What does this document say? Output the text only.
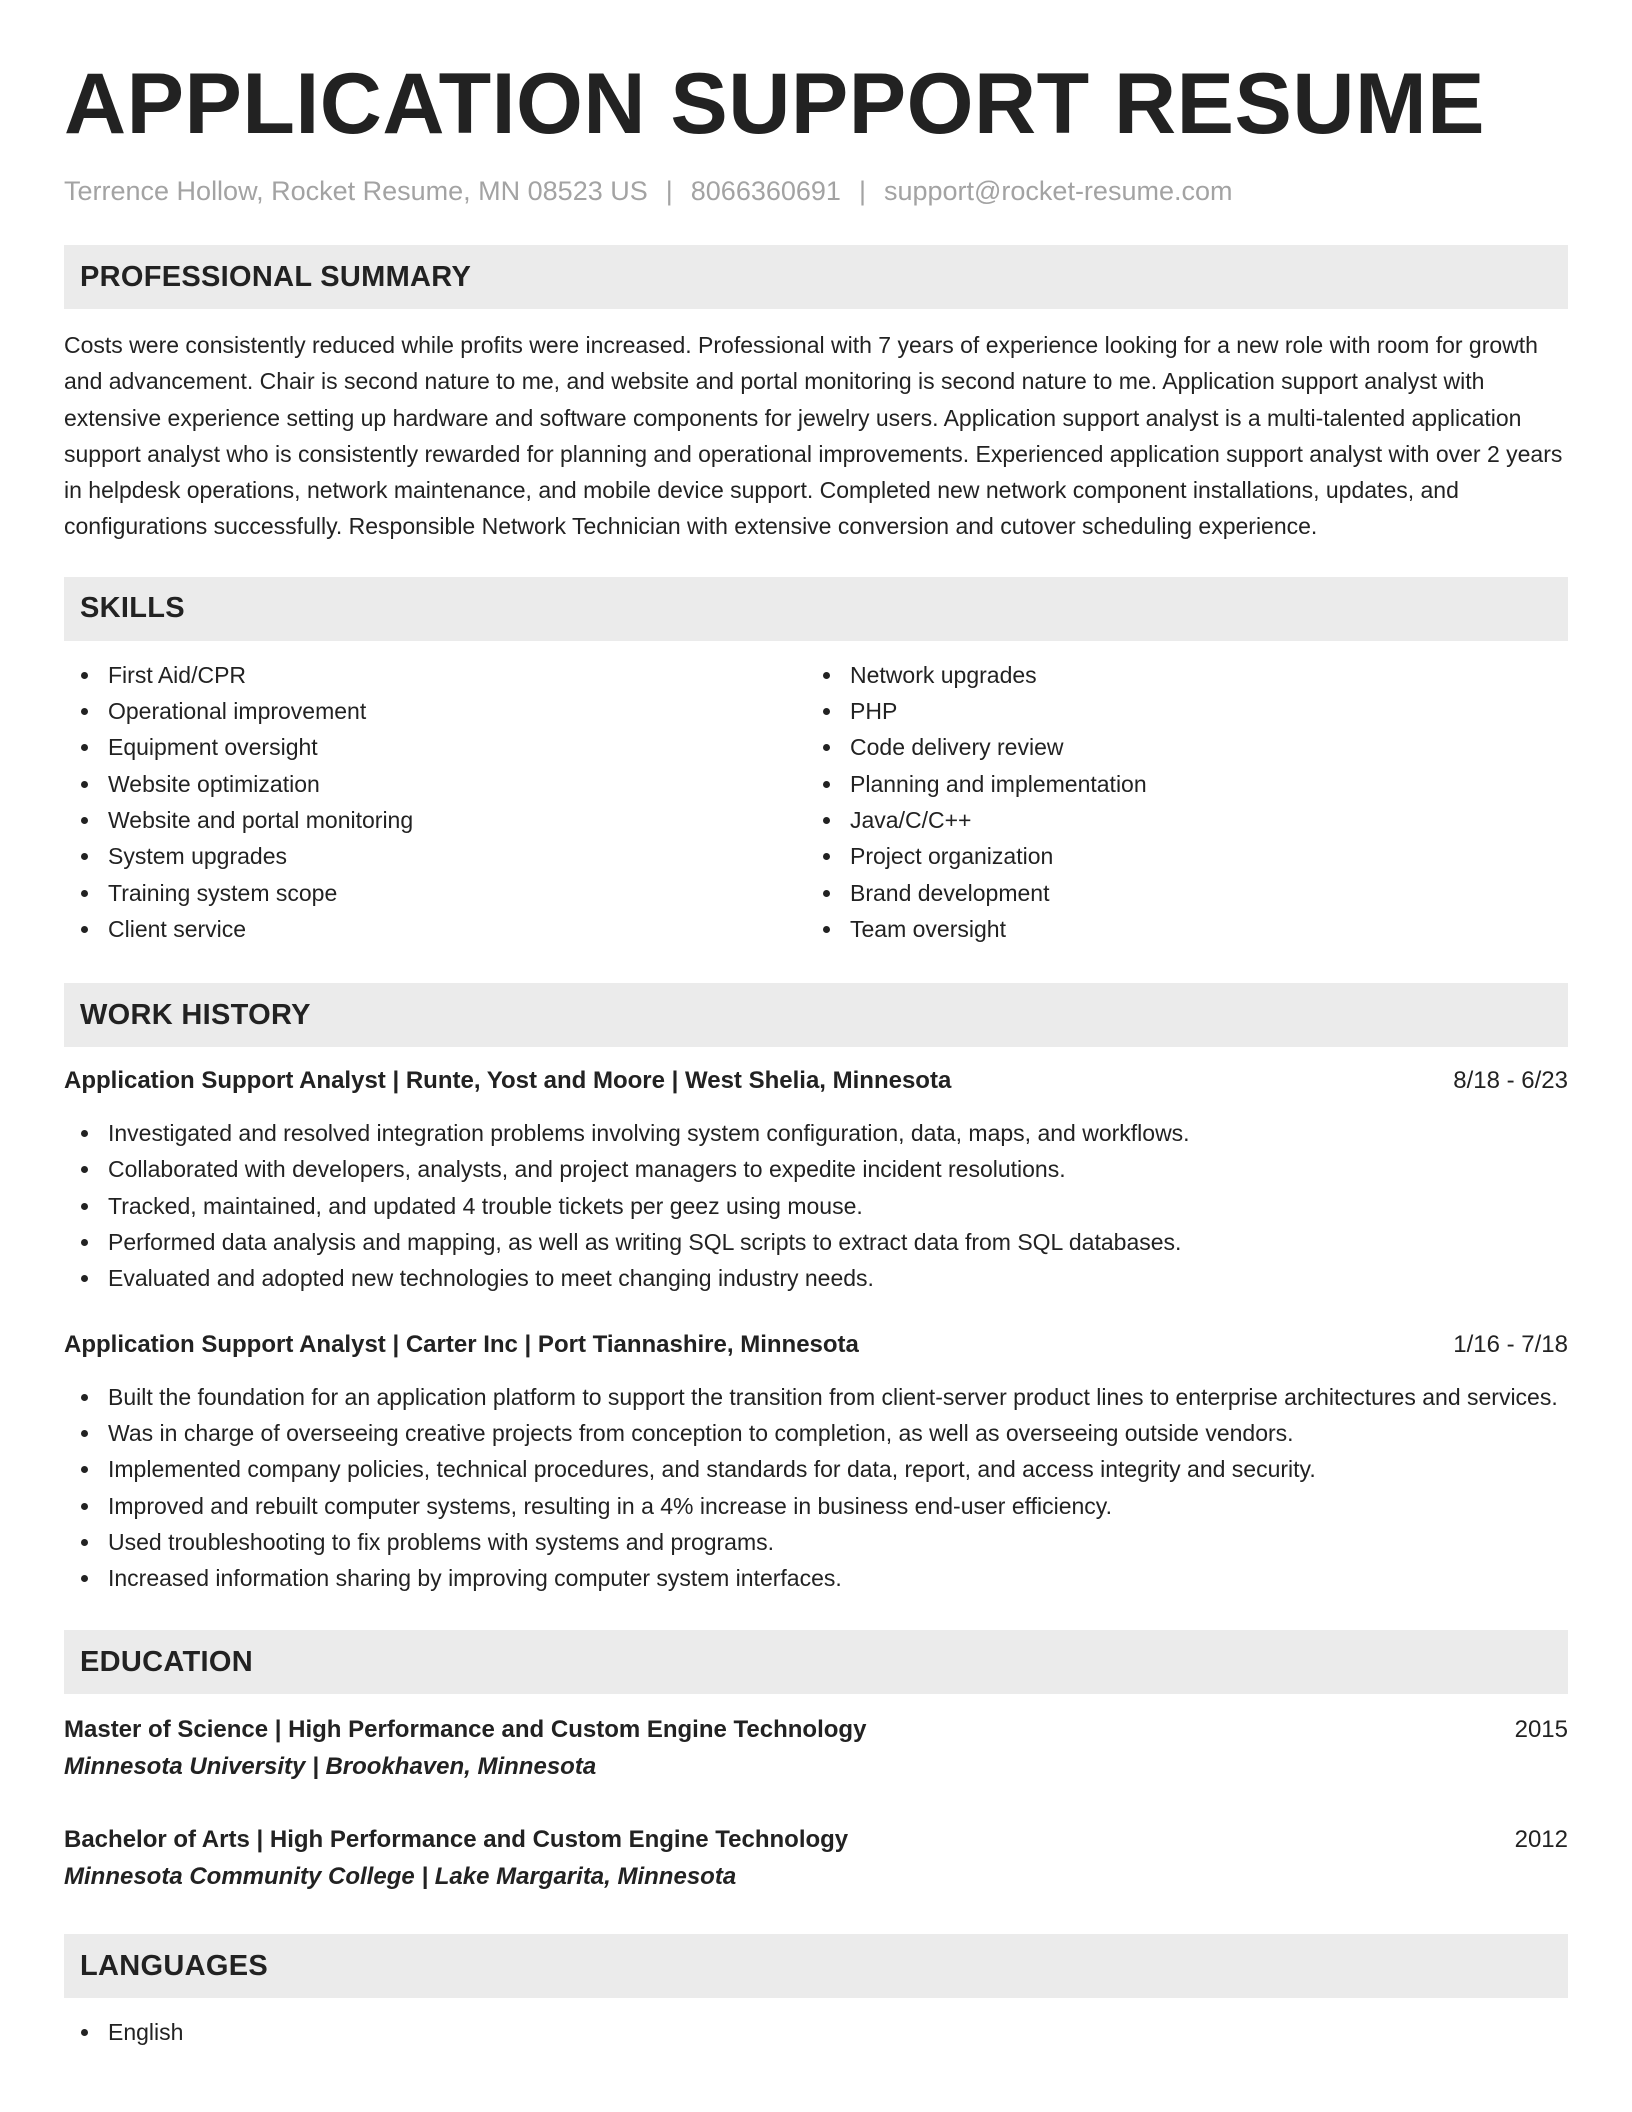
APPLICATION SUPPORT RESUME
Terrence Hollow, Rocket Resume, MN 08523 US | 8066360691 | support@rocket-resume.com
PROFESSIONAL SUMMARY

Costs were consistently reduced while profits were increased. Professional with 7 years of experience looking for a new role with room for growth and advancement. Chair is second nature to me, and website and portal monitoring is second nature to me. Application support analyst with extensive experience setting up hardware and software components for jewelry users. Application support analyst is a multi-talented application support analyst who is consistently rewarded for planning and operational improvements. Experienced application support analyst with over 2 years in helpdesk operations, network maintenance, and mobile device support. Completed new network component installations, updates, and configurations successfully. Responsible Network Technician with extensive conversion and cutover scheduling experience.

SKILLS
First Aid/CPR
Operational improvement
Equipment oversight
Website optimization
Website and portal monitoring
System upgrades
Training system scope
Client service
Network upgrades
PHP
Code delivery review
Planning and implementation
Java/C/C++
Project organization
Brand development
Team oversight
WORK HISTORY
Application Support Analyst | Runte, Yost and Moore | West Shelia, Minnesota	8/18 - 6/23
Investigated and resolved integration problems involving system configuration, data, maps, and workflows.
Collaborated with developers, analysts, and project managers to expedite incident resolutions.
Tracked, maintained, and updated 4 trouble tickets per geez using mouse.
Performed data analysis and mapping, as well as writing SQL scripts to extract data from SQL databases.
Evaluated and adopted new technologies to meet changing industry needs.
Application Support Analyst | Carter Inc | Port Tiannashire, Minnesota	1/16 - 7/18
Built the foundation for an application platform to support the transition from client-server product lines to enterprise architectures and services.
Was in charge of overseeing creative projects from conception to completion, as well as overseeing outside vendors.
Implemented company policies, technical procedures, and standards for data, report, and access integrity and security.
Improved and rebuilt computer systems, resulting in a 4% increase in business end-user efficiency.
Used troubleshooting to fix problems with systems and programs.
Increased information sharing by improving computer system interfaces.
EDUCATION
Master of Science | High Performance and Custom Engine Technology	2015
Minnesota University | Brookhaven, Minnesota
Bachelor of Arts | High Performance and Custom Engine Technology	2012
Minnesota Community College | Lake Margarita, Minnesota
LANGUAGES
English
